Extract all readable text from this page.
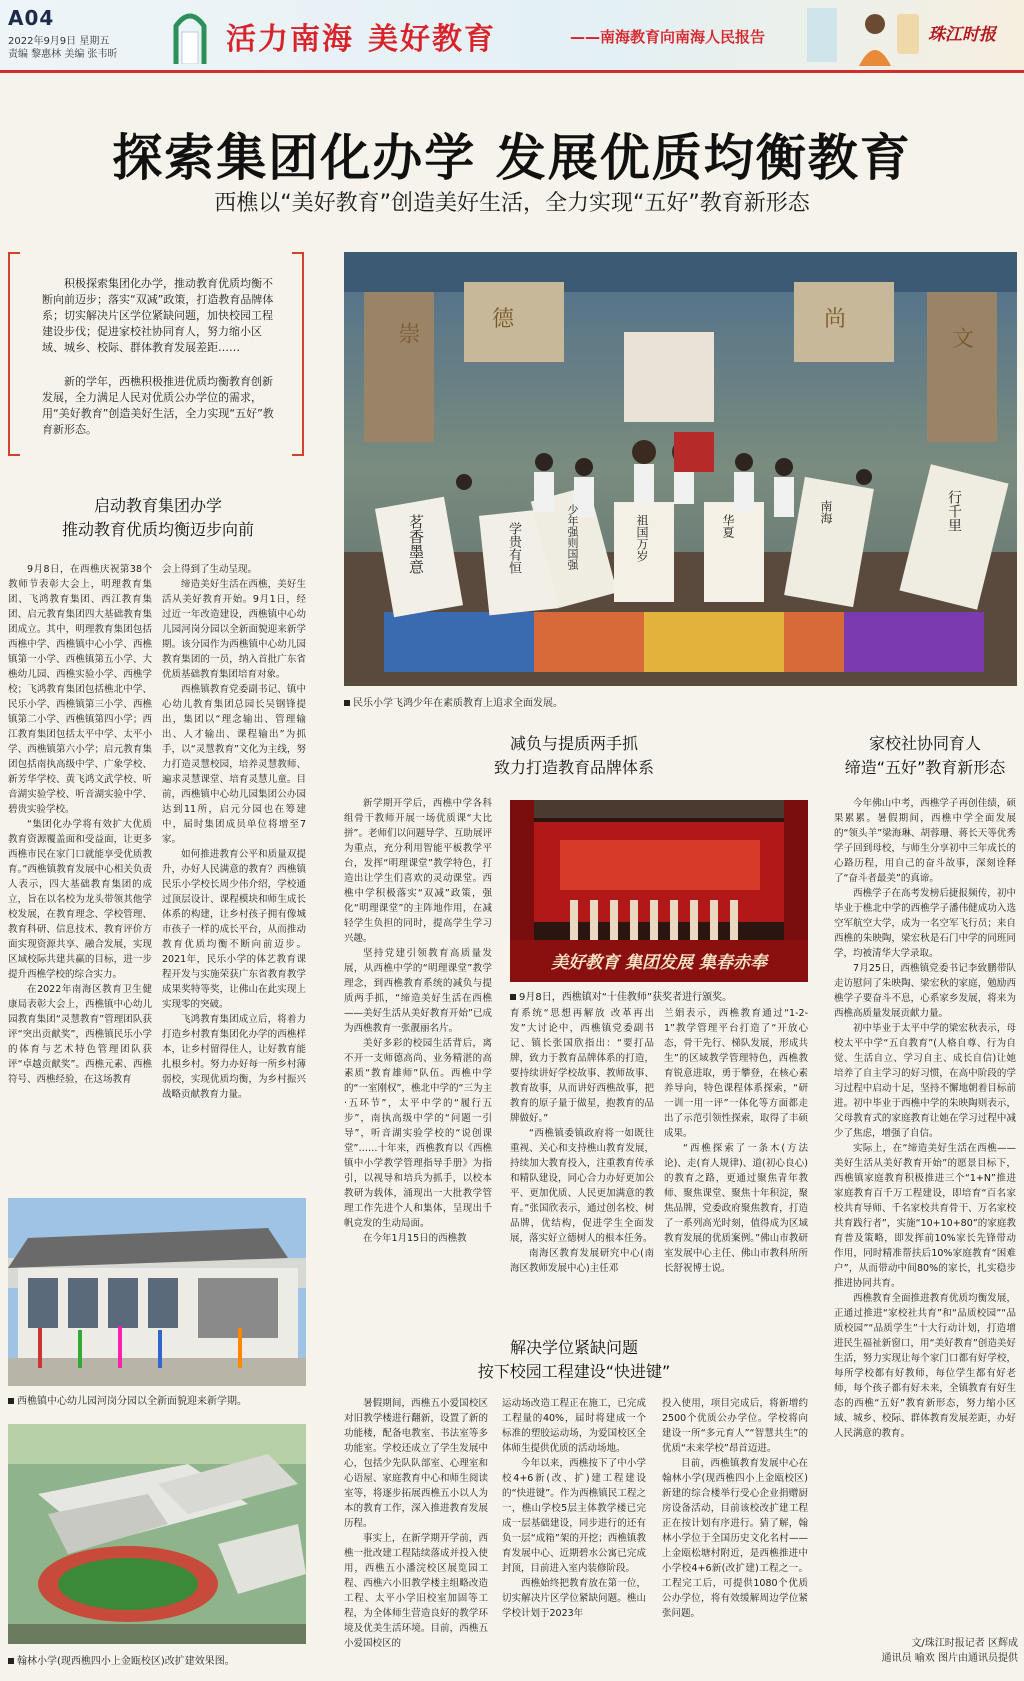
A04
2022年9月9日 星期五
责编 黎惠林 美编 张韦昕	活力南海 美好教育	——南海教育向南海人民报告	珠江时报
探索集团化办学 发展优质均衡教育
西樵以“美好教育”创造美好生活，全力实现“五好”教育新形态
积极探索集团化办学，推动教育优质均衡不断向前迈步；落实“双减”政策，打造教育品牌体系；切实解决片区学位紧缺问题，加快校园工程建设步伐；促进家校社协同育人，努力缩小区域、城乡、校际、群体教育发展差距……
新的学年，西樵积极推进优质均衡教育创新发展，全力满足人民对优质公办学位的需求，用“美好教育”创造美好生活，全力实现“五好”教育新形态。
崇
德	尚
文
茗香墨意	学贵有恒	少年强则国强	祖国万岁	华夏
南海	行千里
民乐小学飞鸿少年在素质教育上追求全面发展。
启动教育集团办学
推动教育优质均衡迈步向前
减负与提质两手抓
致力打造教育品牌体系
家校社协同育人
缔造“五好”教育新形态
解决学位紧缺问题
按下校园工程建设“快进键”

9月8日，在西樵庆祝第38个教师节表彰大会上，明理教育集团、飞鸿教育集团、西江教育集团、启元教育集团四大基础教育集团成立。其中，明理教育集团包括西樵中学、西樵镇中心小学、西樵镇第一小学、西樵镇第五小学、大樵幼儿园、西樵实验小学、西樵学校；飞鸿教育集团包括樵北中学、民乐小学、西樵镇第三小学、西樵镇第二小学、西樵镇第四小学；西江教育集团包括太平中学、太平小学、西樵镇第六小学；启元教育集团包括南执高级中学、广象学校、新芳华学校、黄飞鸿文武学校、听音湖实验学校、听音湖实验中学、碧贵实验学校。

“集团化办学将有效扩大优质教育资源覆盖面和受益面，让更多西樵市民在家门口就能享受优质教育。”西樵镇教育发展中心相关负责人表示，四大基础教育集团的成立，旨在以名校为龙头带领其他学校发展，在教育理念、学校管理、教育科研、信息技术、教育评价方面实现资源共享、融合发展，实现区域校际共建共赢的目标，进一步提升西樵学校的综合实力。

在2022年南海区教育卫生健康局表彰大会上，西樵镇中心幼儿园教育集团“灵慧教育”管理团队获评“突出贡献奖”，西樵镇民乐小学的体育与艺术特色管理团队获评“卓越贡献奖”。西樵元素、西樵符号、西樵经验，在这场教育

会上得到了生动呈现。

缔造美好生活在西樵，美好生活从美好教育开始。9月1日，经过近一年改造建设，西樵镇中心幼儿园河岗分园以全新面貌迎来新学期。该分园作为西樵镇中心幼儿园教育集团的一员，纳入首批广东省优质基础教育集团培育对象。

西樵镇教育党委副书记、镇中心幼儿教育集团总园长吴钢锋提出，集团以“理念输出、管理输出、人才输出、课程输出”为抓手，以“灵慧教育”文化为主线，努力打造灵慧校园，培养灵慧教师、遍求灵慧课堂、培育灵慧儿童。目前，西樵镇中心幼儿园集团公办园达到11所，启元分园也在筹建中，届时集团成员单位将增至7家。

如何推进教育公平和质量双提升，办好人民满意的教育？西樵镇民乐小学校长周少伟介绍，学校通过顶层设计、课程模块和师生成长体系的构建，让乡村孩子拥有像城市孩子一样的成长平台，从而推动教育优质均衡不断向前迈步。2021年，民乐小学的体艺教育课程开发与实施荣获广东省教育教学成果奖特等奖，让佛山在此实现上实现零的突破。

飞鸿教育集团成立后，将着力打造乡村教育集团化办学的西樵样本，让乡村留得住人，让好教育能扎根乡村。努力办好每一所乡村薄弱校，实现优质均衡，为乡村振兴战略贡献教育力量。

西樵镇中心幼儿园河岗分园以全新面貌迎来新学期。
翰林小学(现西樵四小上金瓯校区)改扩建效果图。

新学期开学后，西樵中学各科组骨干教师开展一场优质课“大比拼”。老师们以问题导学、互助展评为重点，充分利用智能平板教学平台，发挥“明理课堂”教学特色，打造出让学生们喜欢的灵动课堂。西樵中学积极落实“双减”政策，强化“明理课堂”的主阵地作用，在减轻学生负担的同时，提高学生学习兴趣。

坚持党建引领教育高质量发展，从西樵中学的“明理课堂”教学理念，到西樵教育系统的减负与提质两手抓，“缔造美好生活在西樵——美好生活从美好教育开始”已成为西樵教育一张靓丽名片。

美好多彩的校园生活背后，离不开一支师德高尚、业务精湛的高素质“教育雄师”队伍。西樵中学的“一室刚权”，樵北中学的“三为主·五环节”，太平中学的“履行五步”，南执高级中学的“问题一引导”，听音湖实验学校的“说创课堂”……十年来，西樵教育以《西樵镇中小学教学管理指导手册》为指引，以视导和培兵为抓手，以校本教研为载体，涌现出一大批教学管理工作先进个人和集体，呈现出千帆竞发的生动局面。

在今年1月15日的西樵教

美好教育 集团发展 集春赤奉
9月8日，西樵镇对“十佳教师”获奖者进行颁奖。

育系统“思想再解放 改革再出发”大讨论中，西樵镇党委副书记、镇长张国欣指出：“要打品牌，致力于教育品牌体系的打造，要持续讲好学校故事、教师故事、教育故事，从而讲好西樵故事，把教育的原子量于做星，抱教育的品牌做好。”

“西樵镇委镇政府将一如既往重视、关心和支持樵山教育发展，持续加大教育投入，注重教育传承和精队建设，同心合力办好更加公平、更加优质、人民更加满意的教育。”张国欣表示，通过创名校、树品牌，优结构，促进学生全面发展，落实好立德树人的根本任务。

南海区教育发展研究中心(南海区教师发展中心)主任邓

兰娟表示，西樵教育通过“1-2-1”教学管理平台打造了“开放心态，骨干先行、梯队发展，形成共生”的区域教学管理特色，西樵教育锐意进取，勇于攀登，在核心素养导向，特色课程体系探索，“研一训一用一评”一体化等方面都走出了示范引领性探索，取得了丰硕成果。

“西樵探索了一条木(方法论)、走(育人规律)、道(初心良心)的教育之路，更通过聚焦青年教师、聚焦课堂、聚焦十年积淀，聚焦品牌，党委政府聚焦教育，打造了一系列高光时刻，值得成为区域教育发展的优质案例。”佛山市教研室发展中心主任、佛山市教科所所长舒祝博士说。

今年佛山中考，西樵学子再创佳绩，硕果累累。暑假期间，西樵中学全面发展的“领头羊”梁海琳、胡蓉珊、蒋长天等优秀学子回到母校，与师生分享初中三年成长的心路历程，用自己的奋斗故事，深刻诠释了“奋斗者最美”的真谛。

西樵学子在高考发榜后捷报频传，初中毕业于樵北中学的西樵学子潘伟健成功入选空军航空大学，成为一名空军飞行员；来自西樵的朱映陶，梁宏秋是石门中学的同班同学，均被清华大学录取。

7月25日，西樵镇党委书记李致鹏带队走访慰问了朱映陶、梁宏秋的家庭，勉励西樵学子要奋斗不息，心系家乡发展，将来为西樵高质量发展贡献力量。

初中毕业于太平中学的梁宏秋表示，母校太平中学“五自教育”(人格自尊、行为自觉、生活自立、学习自主、成长自信)让她培养了自主学习的好习惯，在高中阶段的学习过程中启动十足，坚持不懈地朝着目标前进。初中毕业于西樵中学的朱映陶则表示，父母教育式的家庭教育让她在学习过程中减少了焦虑，增强了自信。

实际上，在“缔造美好生活在西樵——美好生活从美好教育开始”的愿景目标下，西樵镇家庭教育积极推进三个“1+N”推进家庭教育百千万工程建设，即培育“百名家校共育导师、千名家校共育骨干、万名家校共育践行者”，实施“10+10+80”的家庭教育普及策略，即发挥前10%家长先锋带动作用，同时精准帮扶后10%家庭教育“困难户”，从而带动中间80%的家长，扎实稳步推进协同共育。

西樵教育全面推进教育优质均衡发展，正通过推进“家校社共育”和“品质校园”“品质校园”“品质学生”十大行动计划，打造增进民生福祉新窗口，用“美好教育”创造美好生活，努力实现让每个家门口都有好学校，每所学校都有好教师，每位学生都有好老师，每个孩子都有好未来，全镇教育有好生态的西樵“五好”教育新形态，努力缩小区域、城乡、校际、群体教育发展差距，办好人民满意的教育。

暑假期间，西樵五小爱国校区对旧教学楼进行翻新，设置了新的功能楼，配备电教室、书法室等多功能室。学校还成立了学生发展中心，包括少先队队部室、心理室和心语屋、家庭教育中心和师生阅读室等，将逐步拓展西樵五小以人为本的教育工作，深入推进教育发展历程。

事实上，在新学期开学前，西樵一批改建工程陆续落成并投入使用，西樵五小潘浣校区展览园工程、西樵六小旧教学楼主组略改造工程、太平小学旧校室加固等工程，为全体师生营造良好的教学环境及优美生活环境。目前，西樵五小爱国校区的

运动场改造工程正在施工，已完成工程量的40%，届时将建成一个标准的塑胶运动场，为爱国校区全体师生提供优质的活动场地。

今年以来，西樵按下了中小学校4+6新(改、扩)建工程建设的“快进键”。作为西樵镇民工程之一，樵山学校5层主体教学楼已完成一层基础建设，同步进行的还有负一层“成箱”架的开挖；西樵镇教育发展中心、近期碧水公寓已完成封顶，目前进入室内装修阶段。

西樵始终把教育放在第一位，切实解决片区学位紧缺问题。樵山学校计划于2023年

投入使用，项目完成后，将新增约2500个优质公办学位。学校将向建设一所“多元育人”“智慧共生”的优质“未来学校”昂首迈进。

目前，西樵镇教育发展中心在翰林小学(现西樵四小上金瓯校区)新建的综合楼举行受心企业捐赠厨房设备活动，目前该校改扩建工程正在按计划有序进行。猜了解，翰林小学位于全国历史文化名村——上金瓯松塘村附近，是西樵推进中小学校4+6新(改扩建)工程之一。工程完工后，可提供1080个优质公办学位，将有效缓解周边学位紧张问题。

文/珠江时报记者 区辉成
通讯员 喻欢 图片由通讯员提供
